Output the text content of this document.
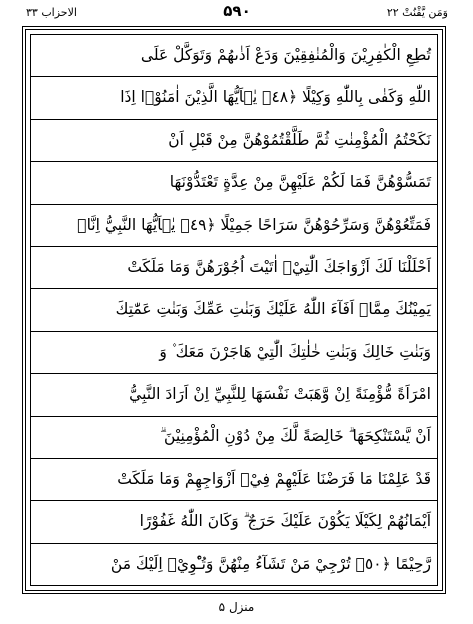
الاحزاب ٣٣	۵۹۰	وَمَن يَّقْنُتْ ٢٢
تُطِعِ الْكٰفِرِيْنَ وَالْمُنٰفِقِيْنَ وَدَعْ اَذٰىهُمْ وَتَوَكَّلْ عَلَى
اللّٰهِ وَكَفٰى بِاللّٰهِ وَكِيْلًا ﴿٤٨﴾ يٰۤاَيُّهَا الَّذِيْنَ اٰمَنُوْۤا اِذَا
نَكَحْتُمُ الْمُؤْمِنٰتِ ثُمَّ طَلَّقْتُمُوْهُنَّ مِنْ قَبْلِ اَنْ
تَمَسُّوْهُنَّ فَمَا لَكُمْ عَلَيْهِنَّ مِنْ عِدَّةٍ تَعْتَدُّوْنَهَا
فَمَتِّعُوْهُنَّ وَسَرِّحُوْهُنَّ سَرَاحًا جَمِيْلًا ﴿٤٩﴾ يٰۤاَيُّهَا النَّبِيُّ اِنَّاۤ
اَحْلَلْنَا لَكَ اَزْوَاجَكَ الّٰتِيْۤ اٰتَيْتَ اُجُوْرَهُنَّ وَمَا مَلَكَتْ
يَمِيْنُكَ مِمَّاۤ اَفَآءَ اللّٰهُ عَلَيْكَ وَبَنٰتِ عَمِّكَ وَبَنٰتِ عَمّٰتِكَ
وَبَنٰتِ خَالِكَ وَبَنٰتِ خٰلٰتِكَ الّٰتِيْ هَاجَرْنَ مَعَكَ ۫ وَ
امْرَاَةً مُّؤْمِنَةً اِنْ وَّهَبَتْ نَفْسَهَا لِلنَّبِيِّ اِنْ اَرَادَ النَّبِيُّ
اَنْ يَّسْتَنْكِحَهَا ۗ خَالِصَةً لَّكَ مِنْ دُوْنِ الْمُؤْمِنِيْنَ ۗ
قَدْ عَلِمْنَا مَا فَرَضْنَا عَلَيْهِمْ فِيْۤ اَزْوَاجِهِمْ وَمَا مَلَكَتْ
اَيْمَانُهُمْ لِكَيْلَا يَكُوْنَ عَلَيْكَ حَرَجٌ ۗ وَكَانَ اللّٰهُ غَفُوْرًا
رَّحِيْمًا ﴿٥٠﴾ تُرْجِيْ مَنْ تَشَآءُ مِنْهُنَّ وَتُـْٔوِيْۤ اِلَيْكَ مَنْ
منزل ۵
